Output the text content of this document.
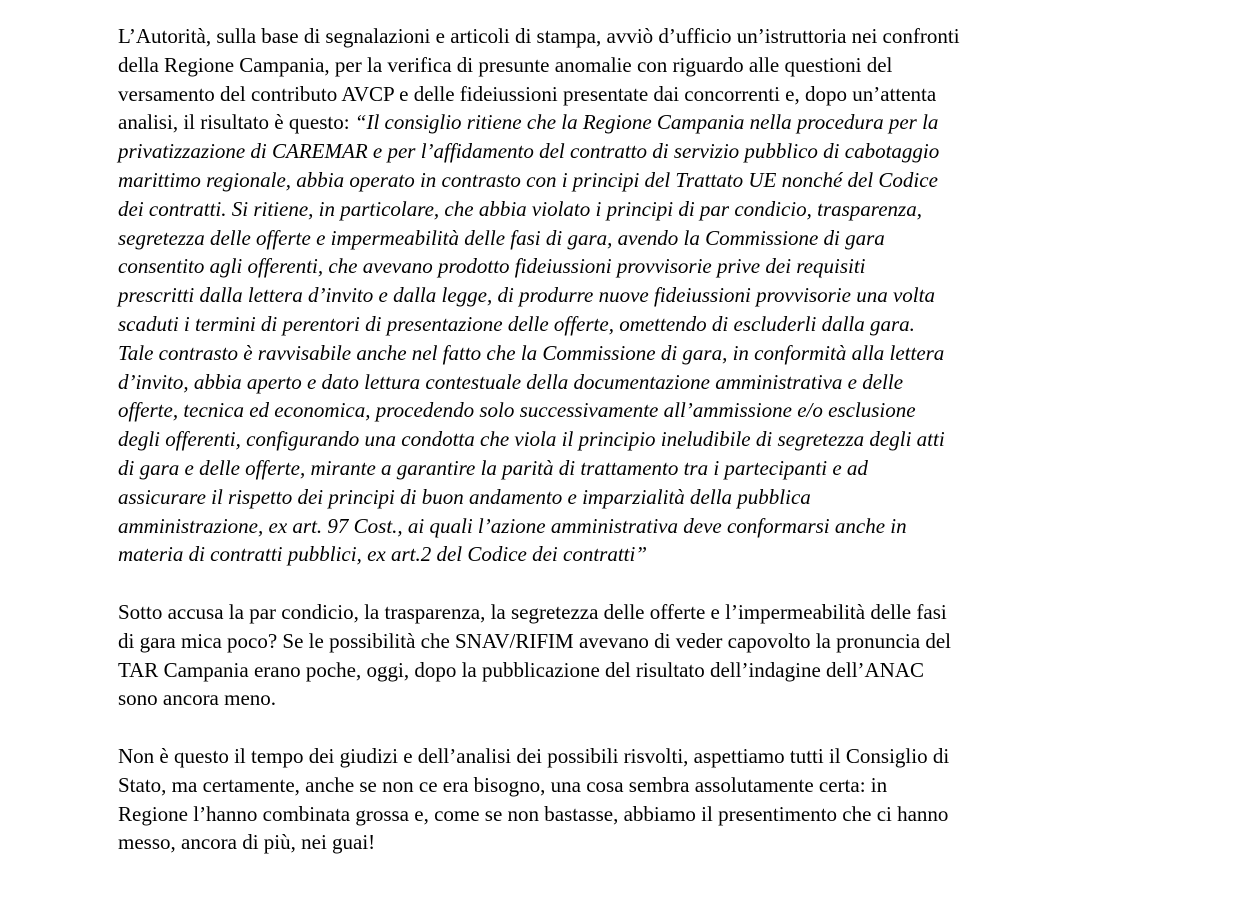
L’Autorità, sulla base di segnalazioni e articoli di stampa, avviò d’ufficio un’istruttoria nei confronti
della Regione Campania, per la verifica di presunte anomalie con riguardo alle questioni del
versamento del contributo AVCP e delle fideiussioni presentate dai concorrenti e, dopo un’attenta
analisi, il risultato è questo: “Il consiglio ritiene che la Regione Campania nella procedura per la
privatizzazione di CAREMAR e per l’affidamento del contratto di servizio pubblico di cabotaggio
marittimo regionale, abbia operato in contrasto con i principi del Trattato UE nonché del Codice
dei contratti. Si ritiene, in particolare, che abbia violato i principi di par condicio, trasparenza,
segretezza delle offerte e impermeabilità delle fasi di gara, avendo la Commissione di gara
consentito agli offerenti, che avevano prodotto fideiussioni provvisorie prive dei requisiti
prescritti dalla lettera d’invito e dalla legge, di produrre nuove fideiussioni provvisorie una volta
scaduti i termini di perentori di presentazione delle offerte, omettendo di escluderli dalla gara.
Tale contrasto è ravvisabile anche nel fatto che la Commissione di gara, in conformità alla lettera
d’invito, abbia aperto e dato lettura contestuale della documentazione amministrativa e delle
offerte, tecnica ed economica, procedendo solo successivamente all’ammissione e/o esclusione
degli offerenti, configurando una condotta che viola il principio ineludibile di segretezza degli atti
di gara e delle offerte, mirante a garantire la parità di trattamento tra i partecipanti e ad
assicurare il rispetto dei principi di buon andamento e imparzialità della pubblica
amministrazione, ex art. 97 Cost., ai quali l’azione amministrativa deve conformarsi anche in
materia di contratti pubblici, ex art.2 del Codice dei contratti”
Sotto accusa la par condicio, la trasparenza, la segretezza delle offerte e l’impermeabilità delle fasi
di gara mica poco? Se le possibilità che SNAV/RIFIM avevano di veder capovolto la pronuncia del
TAR Campania erano poche, oggi, dopo la pubblicazione del risultato dell’indagine dell’ANAC
sono ancora meno.
Non è questo il tempo dei giudizi e dell’analisi dei possibili risvolti, aspettiamo tutti il Consiglio di
Stato, ma certamente, anche se non ce era bisogno, una cosa sembra assolutamente certa: in
Regione l’hanno combinata grossa e, come se non bastasse, abbiamo il presentimento che ci hanno
messo, ancora di più, nei guai!
